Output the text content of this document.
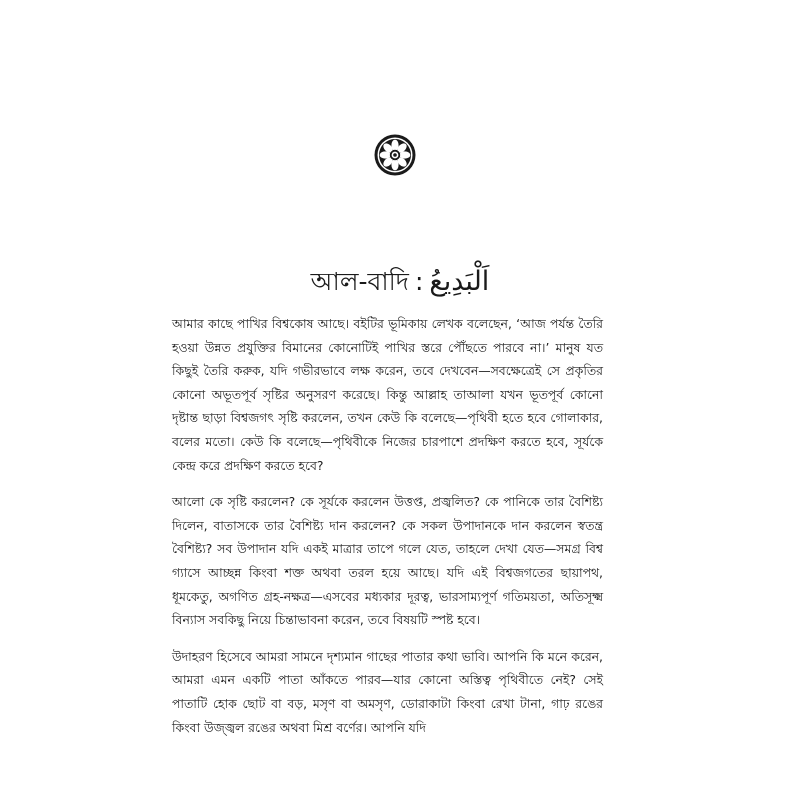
আল-বাদি : اَلْبَدِيعُ

আমার কাছে পাখির বিশ্বকোষ আছে। বইটির ভূমিকায় লেখক বলেছেন, ‘আজ পর্যন্ত তৈরি হওয়া উন্নত প্রযুক্তির বিমানের কোনোটিই পাখির স্তরে পৌঁছতে পারবে না।’ মানুষ যত কিছুই তৈরি করুক, যদি গভীরভাবে লক্ষ করেন, তবে দেখবেন—সবক্ষেত্রেই সে প্রকৃতির কোনো অভূতপূর্ব সৃষ্টির অনুসরণ করেছে। কিন্তু আল্লাহ তাআলা যখন ভূতপূর্ব কোনো দৃষ্টান্ত ছাড়া বিশ্বজগৎ সৃষ্টি করলেন, তখন কেউ কি বলেছে—পৃথিবী হতে হবে গোলাকার, বলের মতো। কেউ কি বলেছে—পৃথিবীকে নিজের চারপাশে প্রদক্ষিণ করতে হবে, সূর্যকে কেন্দ্র করে প্রদক্ষিণ করতে হবে?

আলো কে সৃষ্টি করলেন? কে সূর্যকে করলেন উত্তপ্ত, প্রজ্বলিত? কে পানিকে তার বৈশিষ্ট্য দিলেন, বাতাসকে তার বৈশিষ্ট্য দান করলেন? কে সকল উপাদানকে দান করলেন স্বতন্ত্র বৈশিষ্ট্য? সব উপাদান যদি একই মাত্রার তাপে গলে যেত, তাহলে দেখা যেত—সমগ্র বিশ্ব গ্যাসে আচ্ছন্ন কিংবা শক্ত অথবা তরল হয়ে আছে। যদি এই বিশ্বজগতের ছায়াপথ, ধূমকেতু, অগণিত গ্রহ-নক্ষত্র—এসবের মধ্যকার দূরত্ব, ভারসাম্যপূর্ণ গতিময়তা, অতিসূক্ষ্ম বিন্যাস সবকিছু নিয়ে চিন্তাভাবনা করেন, তবে বিষয়টি স্পষ্ট হবে।

উদাহরণ হিসেবে আমরা সামনে দৃশ্যমান গাছের পাতার কথা ভাবি। আপনি কি মনে করেন, আমরা এমন একটি পাতা আঁকতে পারব—যার কোনো অস্তিত্ব পৃথিবীতে নেই? সেই পাতাটি হোক ছোট বা বড়, মসৃণ বা অমসৃণ, ডোরাকাটা কিংবা রেখা টানা, গাঢ় রঙের কিংবা উজ্জ্বল রঙের অথবা মিশ্র বর্ণের। আপনি যদি
